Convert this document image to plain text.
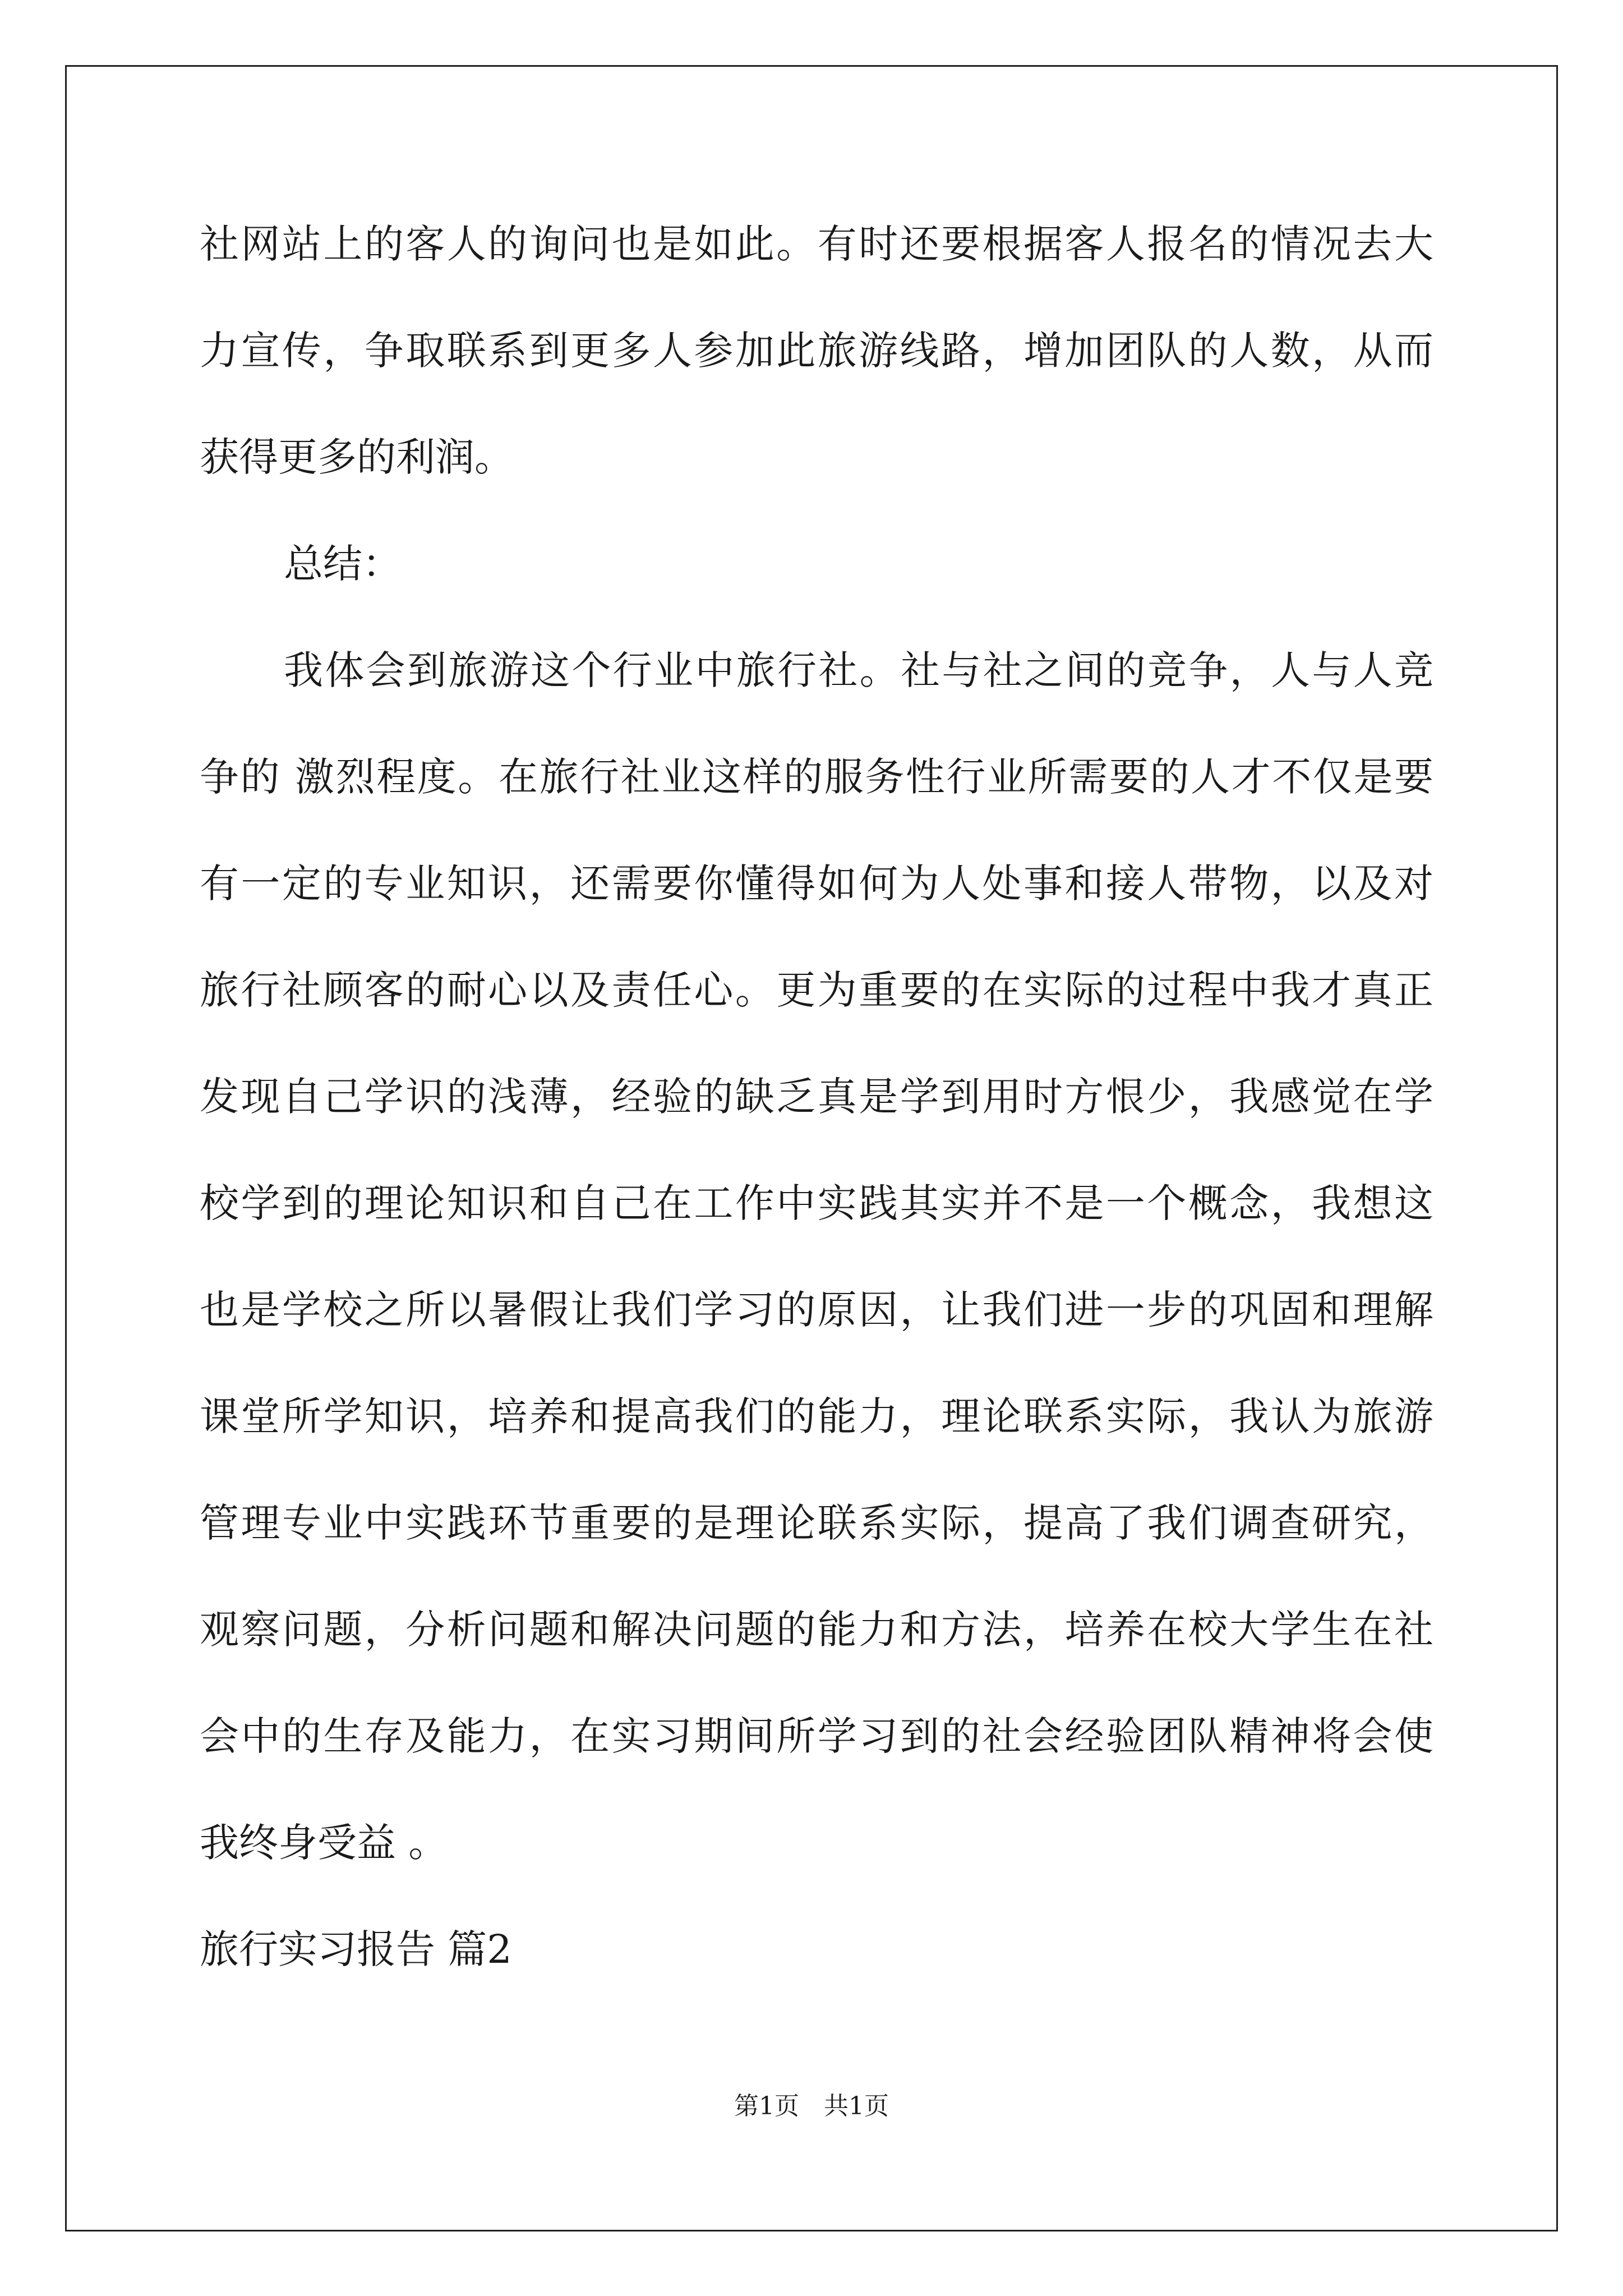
社网站上的客人的询问也是如此。有时还要根据客人报名的情况去大
力宣传，争取联系到更多人参加此旅游线路，增加团队的人数，从而
获得更多的利润。
总结：
我体会到旅游这个行业中旅行社。社与社之间的竞争，人与人竞
争的 激烈程度。在旅行社业这样的服务性行业所需要的人才不仅是要
有一定的专业知识，还需要你懂得如何为人处事和接人带物，以及对
旅行社顾客的耐心以及责任心。更为重要的在实际的过程中我才真正
发现自己学识的浅薄，经验的缺乏真是学到用时方恨少，我感觉在学
校学到的理论知识和自己在工作中实践其实并不是一个概念，我想这
也是学校之所以暑假让我们学习的原因，让我们进一步的巩固和理解
课堂所学知识，培养和提高我们的能力，理论联系实际，我认为旅游
管理专业中实践环节重要的是理论联系实际，提高了我们调查研究，
观察问题，分析问题和解决问题的能力和方法，培养在校大学生在社
会中的生存及能力，在实习期间所学习到的社会经验团队精神将会使
我终身受益 。
旅行实习报告 篇2
第1页　共1页
